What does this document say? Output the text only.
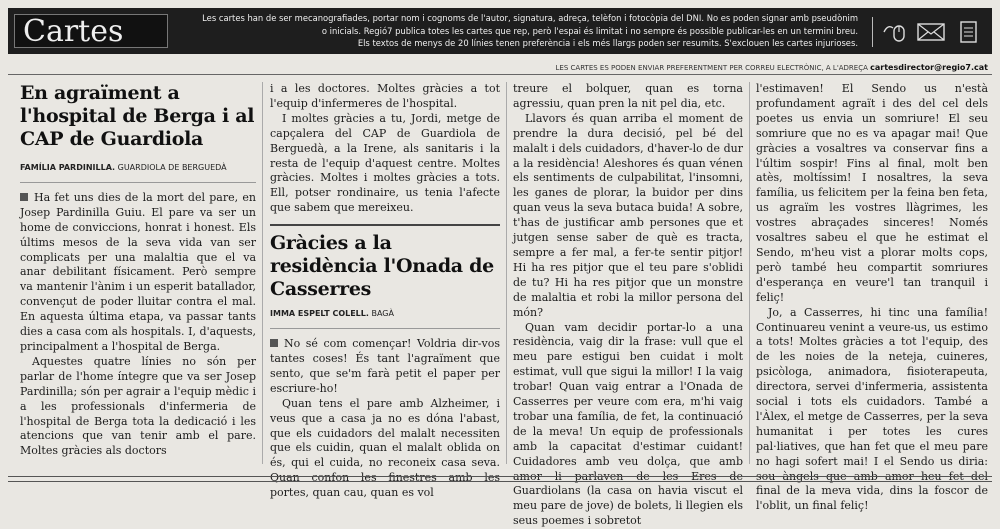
Cartes	Les cartes han de ser mecanografiades, portar nom i cognoms de l'autor, signatura, adreça, telèfon i fotocòpia del DNI. No es poden signar amb pseudònim
o inicials. Regió7 publica totes les cartes que rep, però l'espai és limitat i no sempre és possible publicar-les en un termini breu.
Els textos de menys de 20 línies tenen preferència i els més llargs poden ser resumits. S'exclouen les cartes injurioses.
LES CARTES ES PODEN ENVIAR PREFERENTMENT PER CORREU ELECTRÒNIC, A L'ADREÇA cartesdirector@regio7.cat
En agraïment a l'hospital de Berga i al CAP de Guardiola
FAMÍLIA PARDINILLA. GUARDIOLA DE BERGUEDÀ

Ha fet uns dies de la mort del pare, en Josep Pardinilla Guiu. El pare va ser un home de conviccions, honrat i honest. Els últims mesos de la seva vida van ser complicats per una malaltia que el va anar debilitant físicament. Però sempre va mantenir l'ànim i un esperit batallador, convençut de poder lluitar contra el mal. En aquesta última etapa, va passar tants dies a casa com als hospitals. I, d'aquests, principalment a l'hospital de Berga.

Aquestes quatre línies no són per parlar de l'home íntegre que va ser Josep Pardinilla; són per agrair a l'equip mèdic i a les professionals d'infermeria de l'hospital de Berga tota la dedicació i les atencions que van tenir amb el pare. Moltes gràcies als doctors

i a les doctores. Moltes gràcies a tot l'equip d'infermeres de l'hospital.

I moltes gràcies a tu, Jordi, metge de capçalera del CAP de Guardiola de Berguedà, a la Irene, als sanitaris i la resta de l'equip d'aquest centre. Moltes gràcies. Moltes i moltes gràcies a tots. Ell, potser rondinaire, us tenia l'afecte que sabem que mereixeu.

Gràcies a la residència l'Onada de Casserres
IMMA ESPELT COLELL. BAGÀ

No sé com començar! Voldria dir-vos tantes coses! És tant l'agraïment que sento, que se'm farà petit el paper per escriure-ho!

Quan tens el pare amb Alzheimer, i veus que a casa ja no es dóna l'abast, que els cuidadors del malalt necessiten que els cuidin, quan el malalt oblida on és, qui el cuida, no reconeix casa seva. Quan confon les finestres amb les portes, quan cau, quan es vol

treure el bolquer, quan es torna agressiu, quan pren la nit pel dia, etc.

Llavors és quan arriba el moment de prendre la dura decisió, pel bé del malalt i dels cuidadors, d'haver-lo de dur a la residència! Aleshores és quan vénen els sentiments de culpabilitat, l'insomni, les ganes de plorar, la buidor per dins quan veus la seva butaca buida! A sobre, t'has de justificar amb persones que et jutgen sense saber de què es tracta, sempre a fer mal, a fer-te sentir pitjor! Hi ha res pitjor que el teu pare s'oblidi de tu? Hi ha res pitjor que un monstre de malaltia et robi la millor persona del món?

Quan vam decidir portar-lo a una residència, vaig dir la frase: vull que el meu pare estigui ben cuidat i molt estimat, vull que sigui la millor! I la vaig trobar! Quan vaig entrar a l'Onada de Casserres per veure com era, m'hi vaig trobar una família, de fet, la continuació de la meva! Un equip de professionals amb la capacitat d'estimar cuidant! Cuidadores amb veu dolça, que amb amor li parlaven de les Eres de Guardiolans (la casa on havia viscut el meu pare de jove) de bolets, li llegien els seus poemes i sobretot

l'estimaven! El Sendo us n'està profundament agraït i des del cel dels poetes us envia un somriure! El seu somriure que no es va apagar mai! Que gràcies a vosaltres va conservar fins a l'últim sospir! Fins al final, molt ben atès, moltíssim! I nosaltres, la seva família, us felicitem per la feina ben feta, us agraïm les vostres llàgrimes, les vostres abraçades sinceres! Només vosaltres sabeu el que he estimat el Sendo, m'heu vist a plorar molts cops, però també heu compartit somriures d'esperança en veure'l tan tranquil i feliç!

Jo, a Casserres, hi tinc una família! Continuareu venint a veure-us, us estimo a tots! Moltes gràcies a tot l'equip, des de les noies de la neteja, cuineres, psicòloga, animadora, fisioterapeuta, directora, servei d'infermeria, assistenta social i tots els cuidadors. També a l'Àlex, el metge de Casserres, per la seva humanitat i per totes les cures pal·liatives, que han fet que el meu pare no hagi sofert mai! I el Sendo us diria: sou àngels que amb amor heu fet del final de la meva vida, dins la foscor de l'oblit, un final feliç!
